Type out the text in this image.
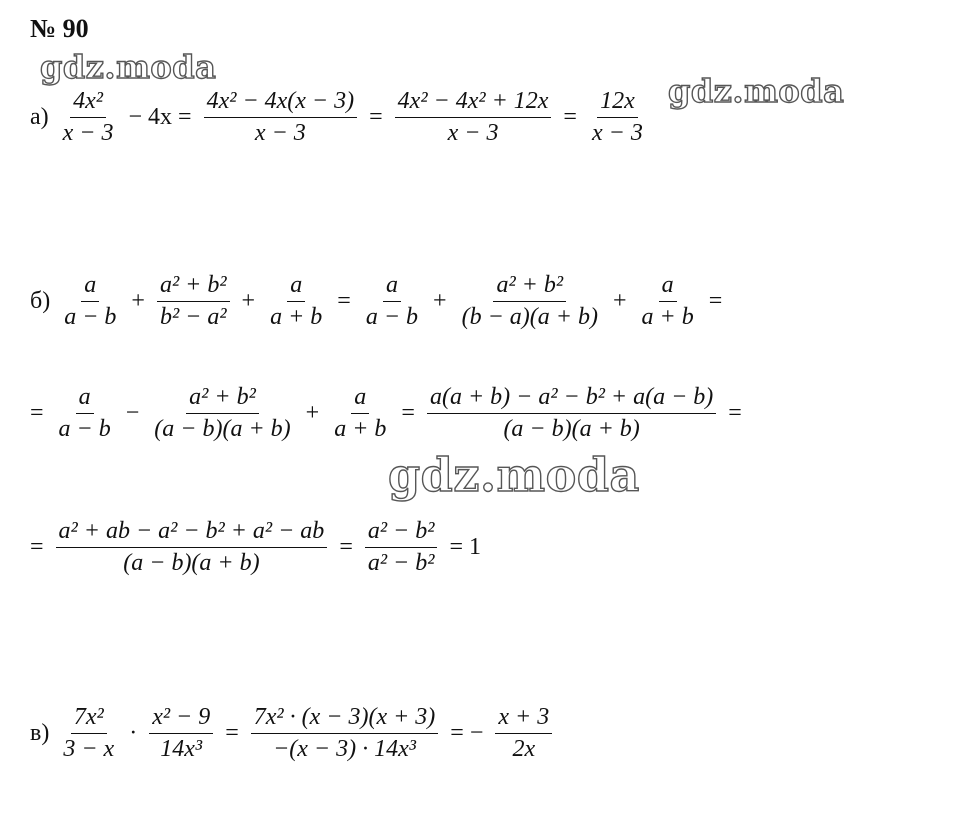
№ 90
gdz.moda
gdz.moda
gdz.moda
$а) \frac{\text{4x²}}{x - 3} - 4x = \frac{\text{4x² − 4x(x − 3)}}{x - 3} = \frac{\text{4x² − 4x² + 12x}}{x - 3} = \frac{12x}{x - 3}$
$б) \frac{a}{a - b} + \frac{\text{a² + b²}}{\text{b² − a²}} + \frac{a}{a + b} = \frac{a}{a - b} + \frac{\text{a² + b²}}{(b - a)(a + b)} + \frac{a}{a + b}$ =
= $\frac{a}{a - b} - \frac{\text{a² + b²}}{(a - b)(a + b)} + \frac{a}{a + b} = \frac{\text{a(a + b) − a² − b² + a(a − b)}}{(a - b)(a + b)}$ =
= $\frac{\text{a² + ab − a² − b² + a² − ab}}{(a - b)(a + b)} = \frac{\text{a² − b²}}{\text{a² − b²}} = 1$
$в) \frac{\text{7x²}}{3 - x} \cdot \frac{\text{x² − 9}}{\text{14x³}} = \frac{\text{7x² · (x − 3)(x + 3)}}{\text{−(x − 3) · 14x³}}$ = − $\frac{x + 3}{2x}$
